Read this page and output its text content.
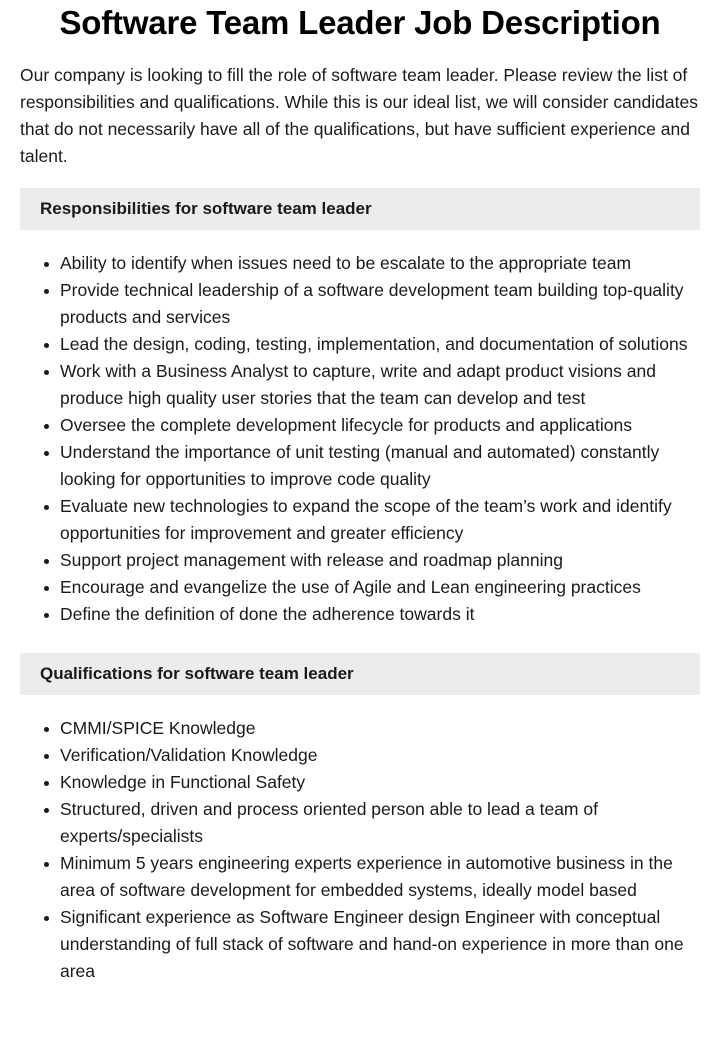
Software Team Leader Job Description

Our company is looking to fill the role of software team leader. Please review the list of responsibilities and qualifications. While this is our ideal list, we will consider candidates that do not necessarily have all of the qualifications, but have sufficient experience and talent.

Responsibilities for software team leader
Ability to identify when issues need to be escalate to the appropriate team
Provide technical leadership of a software development team building top-quality products and services
Lead the design, coding, testing, implementation, and documentation of solutions
Work with a Business Analyst to capture, write and adapt product visions and produce high quality user stories that the team can develop and test
Oversee the complete development lifecycle for products and applications
Understand the importance of unit testing (manual and automated) constantly looking for opportunities to improve code quality
Evaluate new technologies to expand the scope of the team’s work and identify opportunities for improvement and greater efficiency
Support project management with release and roadmap planning
Encourage and evangelize the use of Agile and Lean engineering practices
Define the definition of done the adherence towards it
Qualifications for software team leader
CMMI/SPICE Knowledge
Verification/Validation Knowledge
Knowledge in Functional Safety
Structured, driven and process oriented person able to lead a team of experts/specialists
Minimum 5 years engineering experts experience in automotive business in the area of software development for embedded systems, ideally model based
Significant experience as Software Engineer design Engineer with conceptual understanding of full stack of software and hand-on experience in more than one area
